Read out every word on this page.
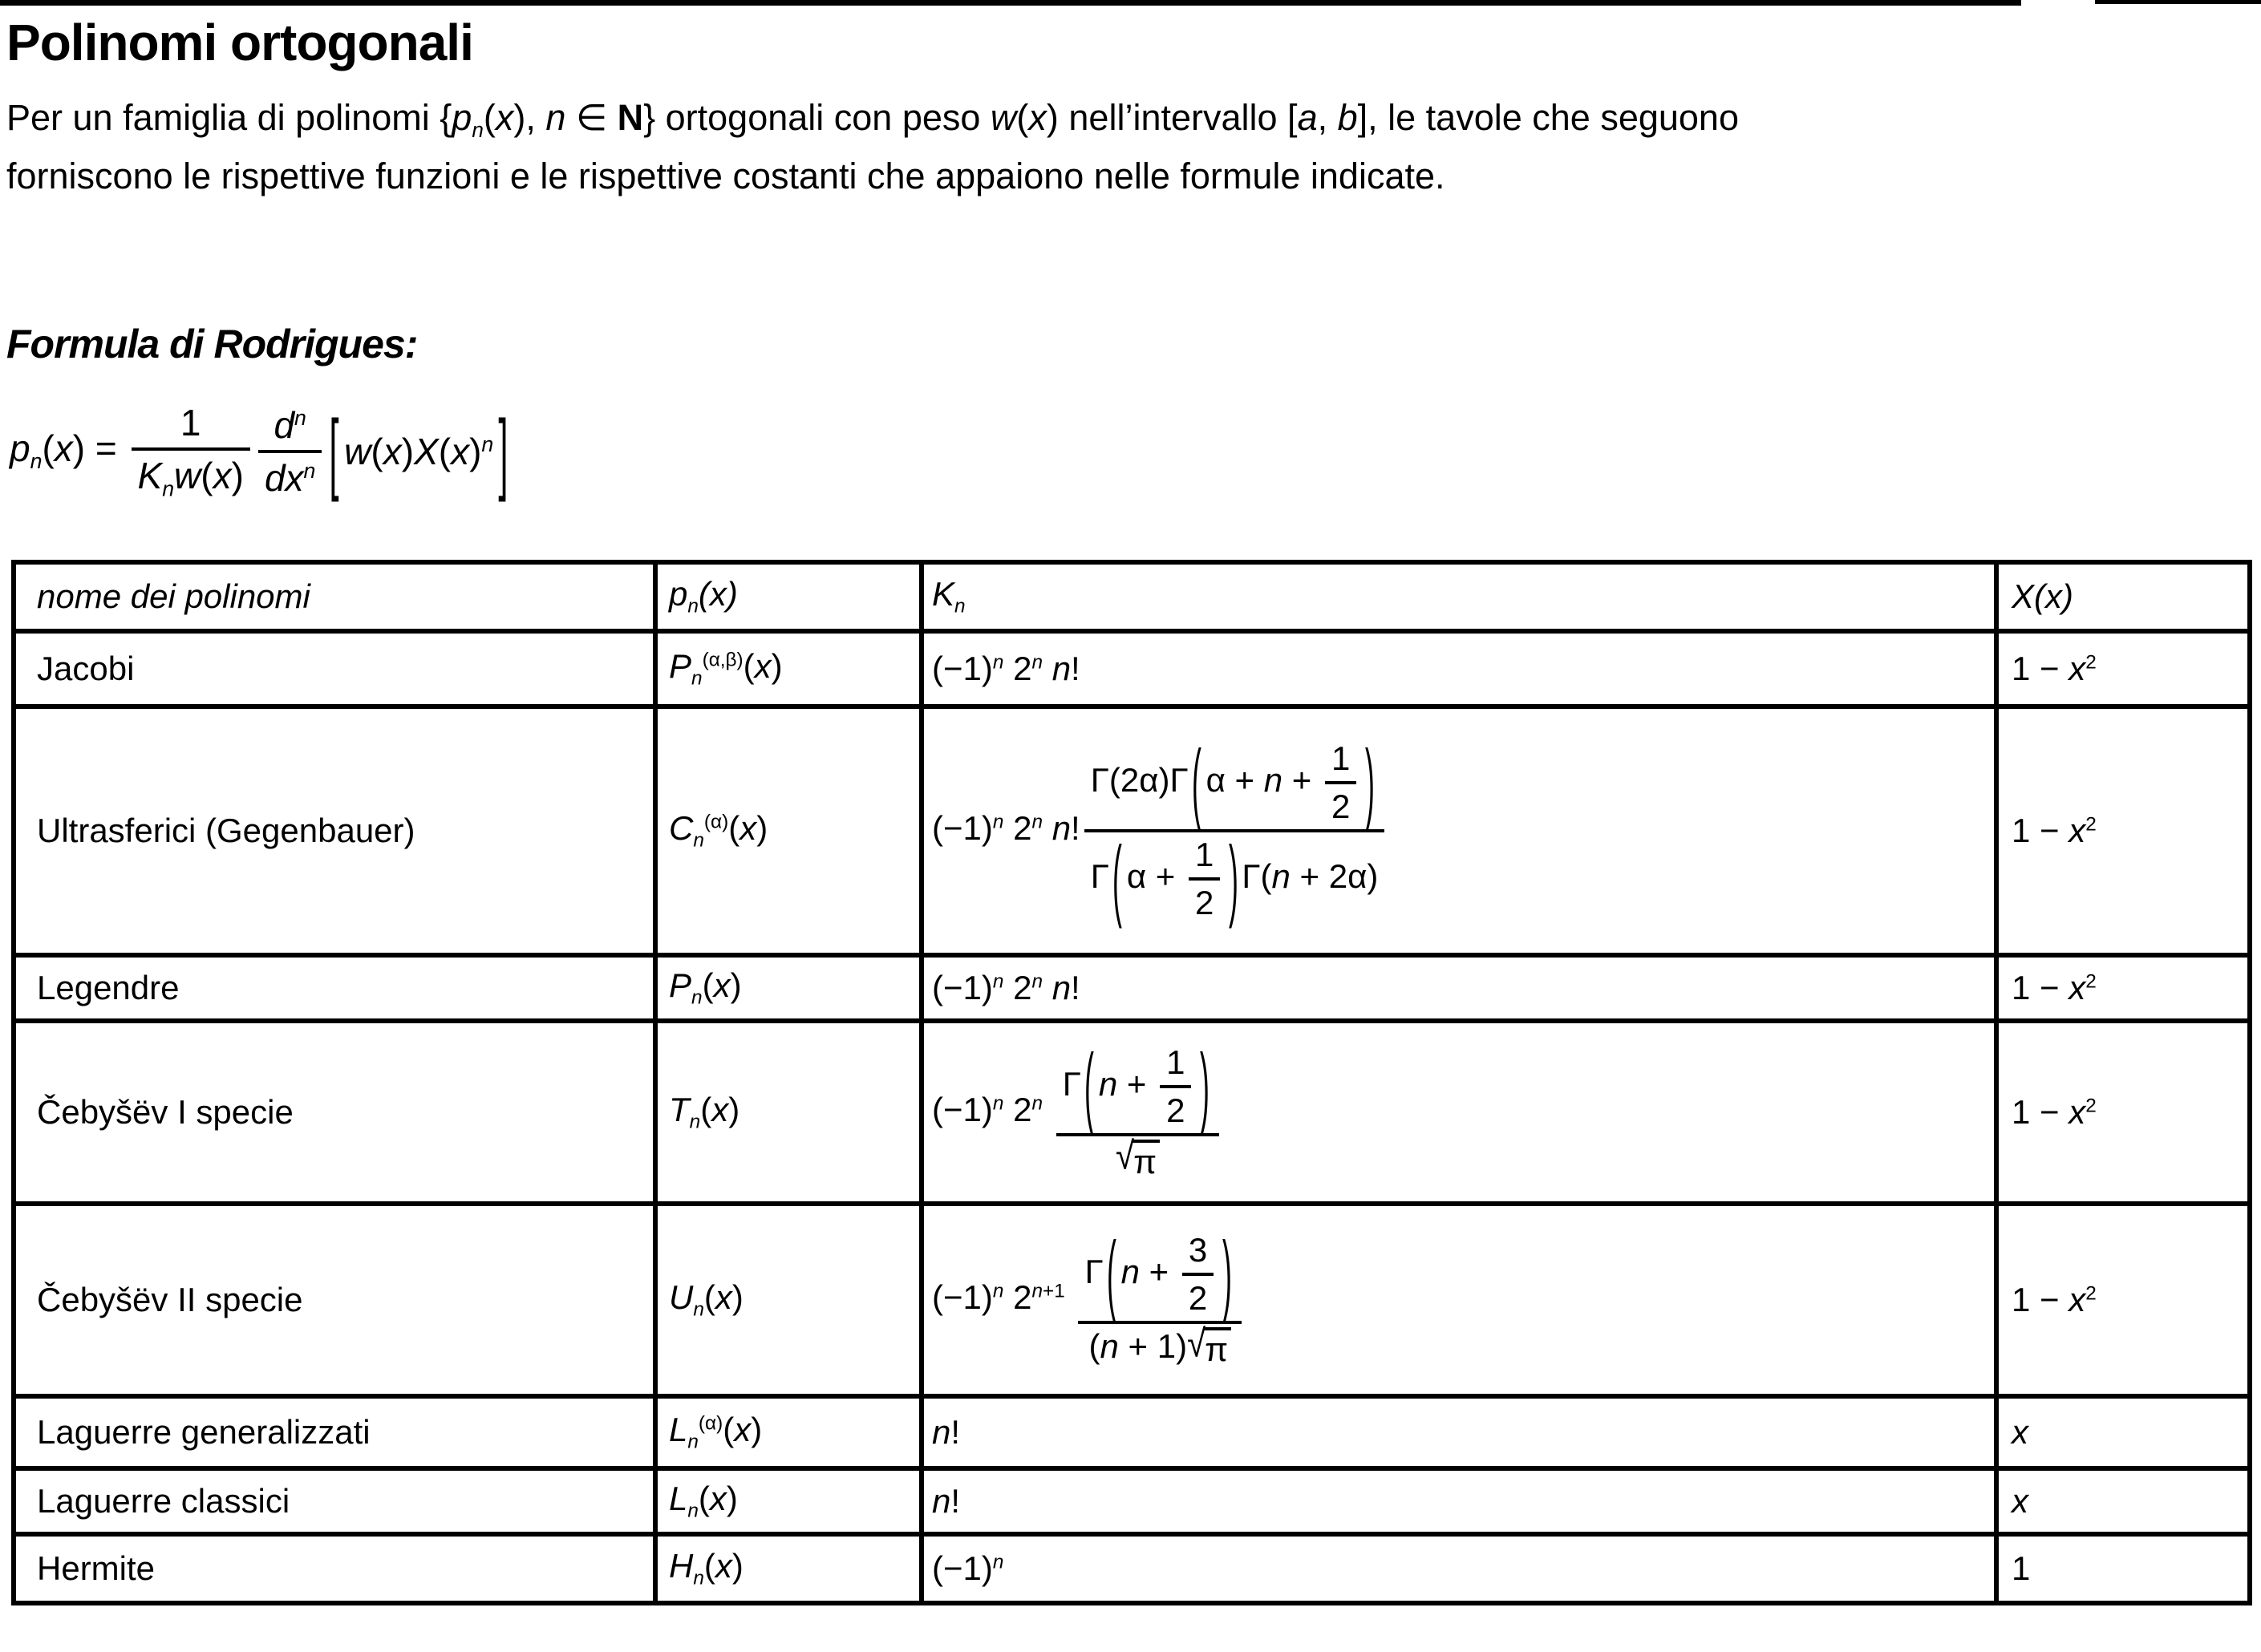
Polinomi ortogonali

Per un famiglia di polinomi {$p_n(x)$, n ∈ N} ortogonali con peso w(x) nell’intervallo [a, b], le tavole che seguono
forniscono le rispettive funzioni e le rispettive costanti che appaiono nelle formule indicate.

Formula di Rodrigues:
$p_n(x) = \frac{1}{K_nw(x)} \frac{d^n}{dx^n}$ [ $w(x)X(x)^n$ ]
nome dei polinomi	$p_n(x)$	$K_n$	X(x)
Jacobi	$P_n^{(\alpha,\beta)}(x)$	$(-1)^n$ 2$^n$ n!	$1 - x^2$
Ultrasferici (Gegenbauer)	$C_n^{(\alpha)}(x)$	$(-1)^n$ 2$^n$ n! $\frac{\Gamma(2\alpha)\Gamma ( \alpha + n + \frac{1}{2} )}{\Gamma ( \alpha + \frac{1}{2} ) \Gamma(n + 2\alpha)}$	$1 - x^2$
Legendre	$P_n(x)$	$(-1)^n$ 2$^n$ n!	$1 - x^2$
Čebyšëv I specie	$T_n(x)$	$(-1)^n$ $2^n \frac{\Gamma ( n + \frac{1}{2} )}{√ \pi}$	$1 - x^2$
Čebyšëv II specie	$U_n(x)$	$(-1)^n$ $2^{n+1} \frac{\Gamma ( n + \frac{3}{2} )}{(n + 1) √ \pi}$	$1 - x^2$
Laguerre generalizzati	$L_n^{(\alpha)}(x)$	n!	x
Laguerre classici	$L_n(x)$	n!	x
Hermite	$H_n(x)$	$(-1)^n$	1
